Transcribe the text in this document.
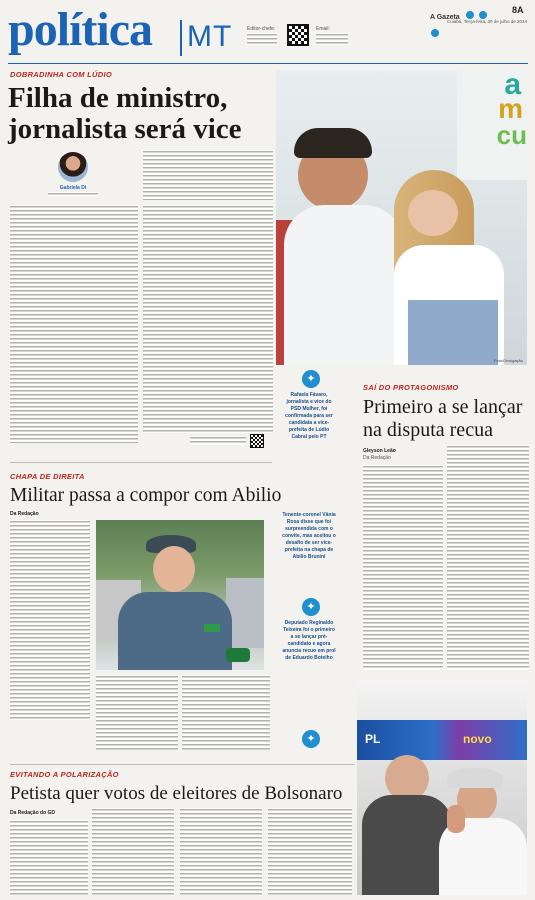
política MT	Editor-chefe:	Email:
A Gazeta
8A
Cuiabá, Terça-feira, 30 de julho de 2024
DOBRADINHA COM LÚDIO
Filha de ministro,
jornalista será vice
Gabriela Di
a
m
cu
Foto/Divulgação
✦
Rafaela Fávaro, jornalista e vice do PSD Mulher, foi confirmada para ser candidata a vice-prefeita de Lúdio Cabral pelo PT
SAÍ DO PROTAGONISMO
Primeiro a se lançar
na disputa recua
Gleyson Leão
Da Redação
Tenente-coronel Vânia Rosa disse que foi surpreendida com o convite, mas aceitou o desafio de ser vice-prefeita na chapa de Abilio Brunini
✦
Deputado Reginaldo Teixeira foi o primeiro a se lançar pré-candidato e agora anuncia recuo em prol de Eduardo Botelho
✦
CHAPA DE DIREITA
Militar passa a compor com Abilio
Da Redação
EVITANDO A POLARIZAÇÃO
Petista quer votos de eleitores de Bolsonaro
Da Redação do GD
PL	novo
